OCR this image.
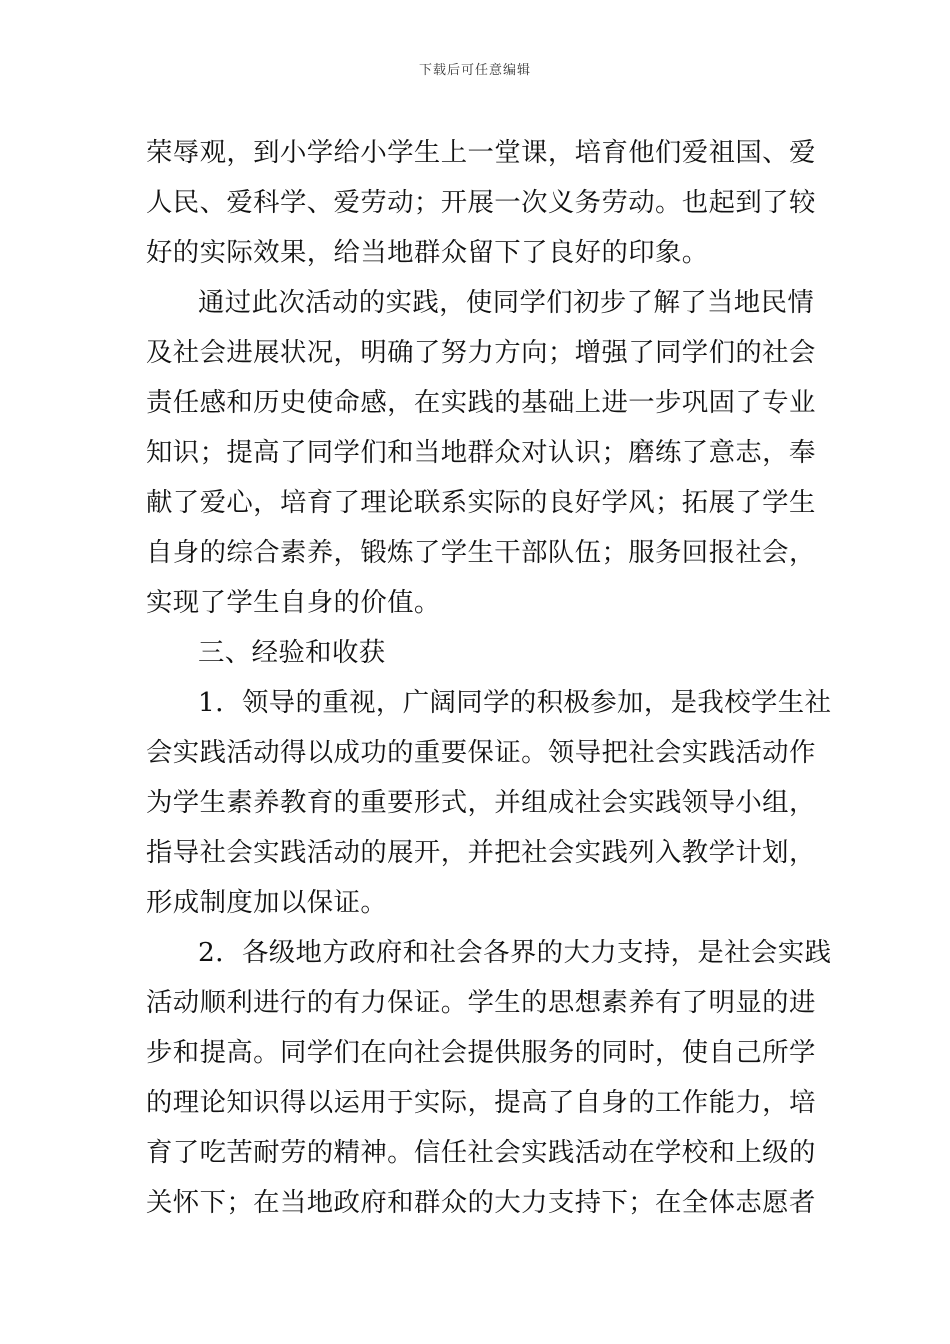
下载后可任意编辑
荣辱观，到小学给小学生上一堂课，培育他们爱祖国、爱
人民、爱科学、爱劳动；开展一次义务劳动。也起到了较
好的实际效果，给当地群众留下了良好的印象。
通过此次活动的实践，使同学们初步了解了当地民情
及社会进展状况，明确了努力方向；增强了同学们的社会
责任感和历史使命感，在实践的基础上进一步巩固了专业
知识；提高了同学们和当地群众对认识；磨练了意志，奉
献了爱心，培育了理论联系实际的良好学风；拓展了学生
自身的综合素养，锻炼了学生干部队伍；服务回报社会，
实现了学生自身的价值。
三、经验和收获
1．领导的重视，广阔同学的积极参加，是我校学生社
会实践活动得以成功的重要保证。领导把社会实践活动作
为学生素养教育的重要形式，并组成社会实践领导小组，
指导社会实践活动的展开，并把社会实践列入教学计划，
形成制度加以保证。
2．各级地方政府和社会各界的大力支持，是社会实践
活动顺利进行的有力保证。学生的思想素养有了明显的进
步和提高。同学们在向社会提供服务的同时，使自己所学
的理论知识得以运用于实际，提高了自身的工作能力，培
育了吃苦耐劳的精神。信任社会实践活动在学校和上级的
关怀下；在当地政府和群众的大力支持下；在全体志愿者
